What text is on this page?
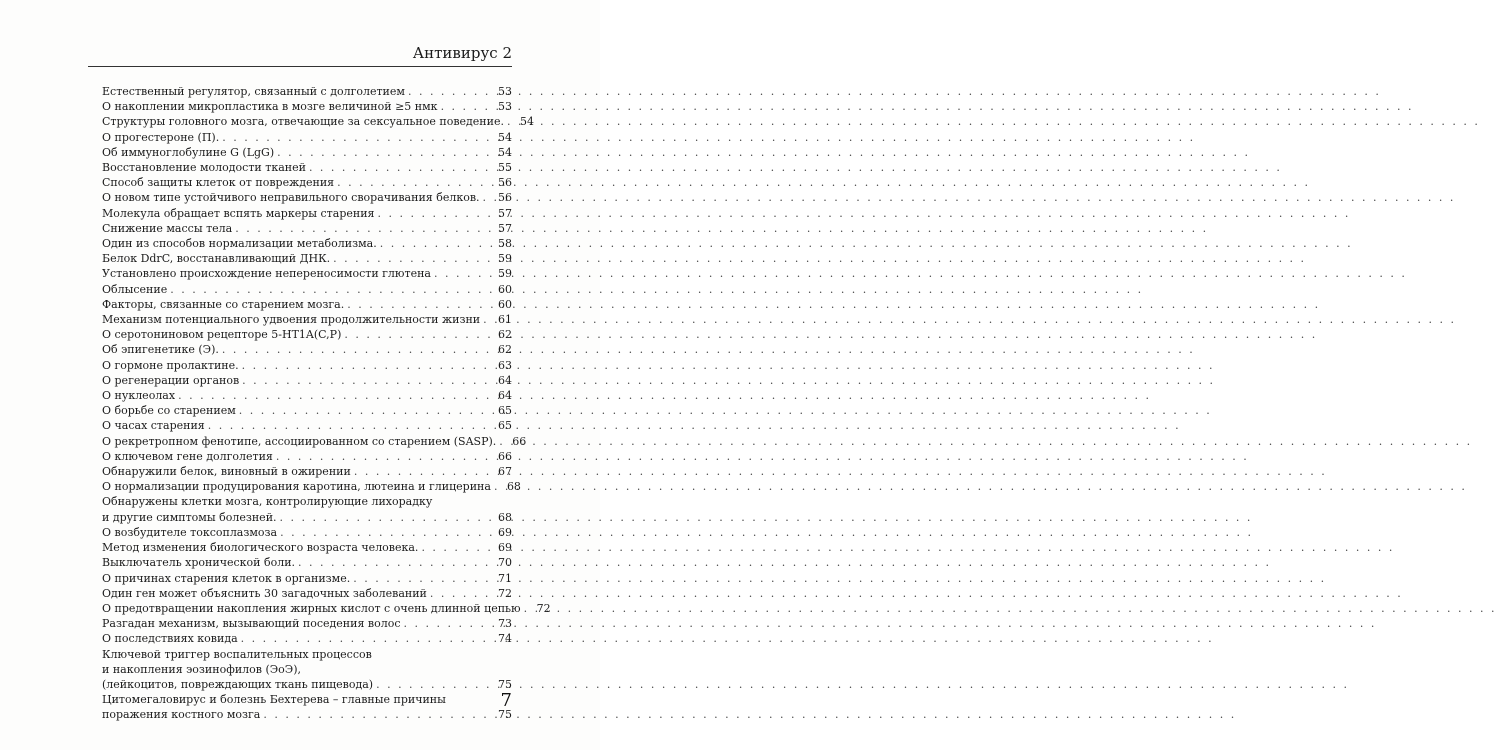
Антивирус 2
Естественный регулятор, связанный с долголетием . . .	53
О накоплении микропластика в мозге величиной ≥5 нмк . . .	53
Структуры головного мозга, отвечающие за сексуальное поведение. . . . 54
О прогестероне (П). . . .	54
Об иммуноглобулине G (LgG) . . .	54
Восстановление молодости тканей . . .	55
Способ защиты клеток от повреждения . . .	56
О новом типе устойчивого неправильного сворачивания белков. . . . 56
Молекула обращает вспять маркеры старения . . .	57
Снижение массы тела . . .	57
Один из способов нормализации метаболизма. . . .	58
Белок DdrC, восстанавливающий ДНК. . . .	59
Установлено происхождение непереносимости глютена . . .	59
Облысение . . .	60
Факторы, связанные со старением мозга. . . .	60
Механизм потенциального удвоения продолжительности жизни . . . 61
О серотониновом рецепторе 5-HT1A(C,P) . . .	62
Об эпигенетике (Э). . . .	62
О гормоне пролактине. . . .	63
О регенерации органов . . .	64
О нуклеолах . . .	64
О борьбе со старением . . .	65
О часах старения . . .	65
О рекретропном фенотипе, ассоциированном со старением (SASP). . . . 66
О ключевом гене долголетия . . .	66
Обнаружили белок, виновный в ожирении . . .	67
О нормализации продуцирования каротина, лютеина и глицерина . . . 68
Обнаружены клетки мозга, контролирующие лихорадку
и другие симптомы болезней. . . .	68
О возбудителе токсоплазмоза . . .	69
Метод изменения биологического возраста человека. . . .	69
Выключатель хронической боли. . . .	70
О причинах старения клеток в организме. . . .	71
Один ген может объяснить 30 загадочных заболеваний . . .	72
О предотвращении накопления жирных кислот с очень длинной цепью . . . 72
Разгадан механизм, вызывающий поседения волос . . .	73
О последствиях ковида . . .	74
Ключевой триггер воспалительных процессов
и накопления эозинофилов (ЭоЭ),
(лейкоцитов, повреждающих ткань пищевода) . . .	75
Цитомегаловирус и болезнь Бехтерева – главные причины
поражения костного мозга . . .	75
7
